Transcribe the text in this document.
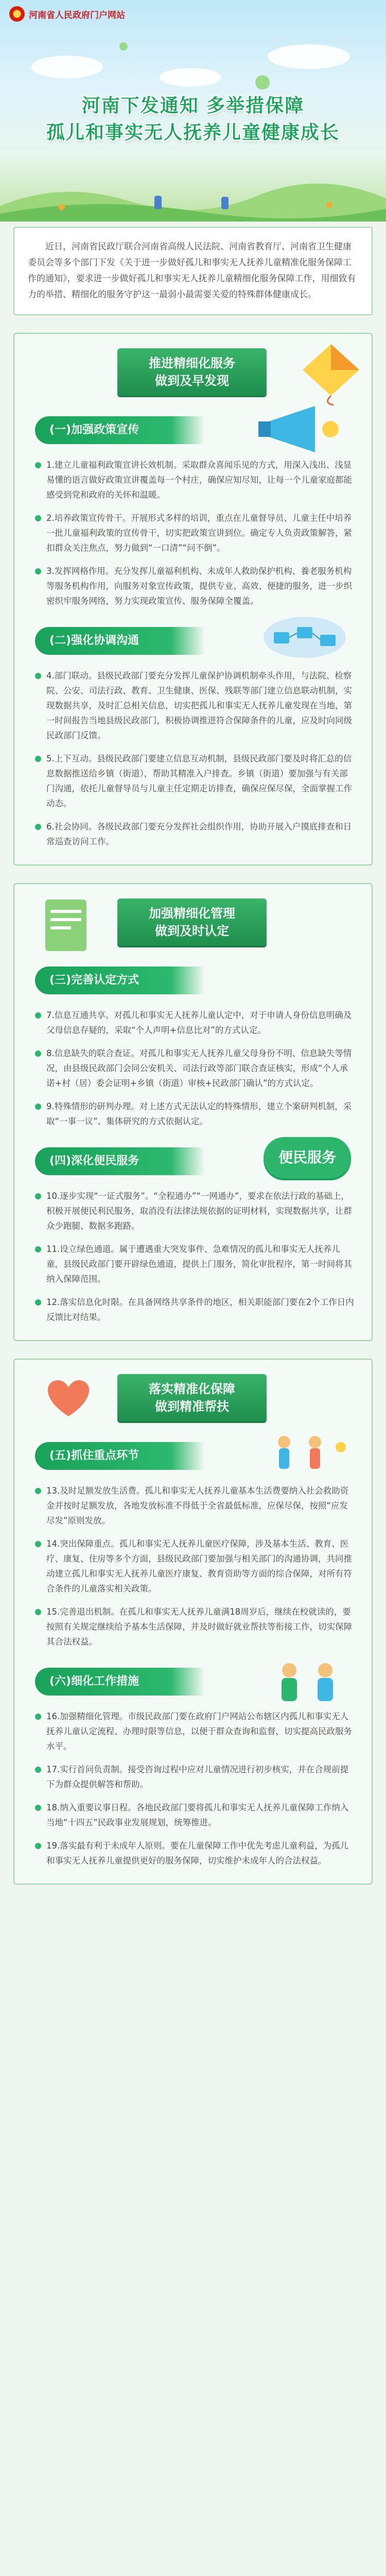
河南省人民政府门户网站
河南下发通知 多举措保障
孤儿和事实无人抚养儿童健康成长
近日，河南省民政厅联合河南省高级人民法院、河南省教育厅、河南省卫生健康委员会等多个部门下发《关于进一步做好孤儿和事实无人抚养儿童精准化服务保障工作的通知》，要求进一步做好孤儿和事实无人抚养儿童精细化服务保障工作，用细致有力的举措、精细化的服务守护这一最弱小最需要关爱的特殊群体健康成长。
推进精细化服务
做到及早发现
(一)加强政策宣传
1.建立儿童福利政策宣讲长效机制。采取群众喜闻乐见的方式，用深入浅出、浅显易懂的语言做好政策宣讲覆盖每一个村庄，确保应知尽知，让每一个儿童家庭都能感受到党和政府的关怀和温暖。
2.培养政策宣传骨干。开展形式多样的培训，重点在儿童督导员、儿童主任中培养一批儿童福利政策的宣传骨干，切实把政策宣讲到位。确定专人负责政策解答，紧扣群众关注焦点，努力做到“一口清”“问不倒”。
3.发挥网格作用。充分发挥儿童福利机构、未成年人救助保护机构、養老服务机构等服务机构作用，向服务对象宣传政策，提供专业、高效、便捷的服务，进一步织密织牢服务网络，努力实现政策宣传、服务保障全覆盖。
(二)强化协调沟通
4.部门联动。县级民政部门要充分发挥儿童保护协调机制牵头作用，与法院、检察院、公安、司法行政、教育、卫生健康、医保、残联等部门建立信息联动机制，实现数据共享，及时汇总相关信息，切实把孤儿和事实无人抚养儿童发现在当地，第一时间报告当地县级民政部门，积极协调推进符合保障条件的儿童，应及时向同级民政部门反馈。
5.上下互动。县级民政部门要建立信息互动机制，县级民政部门要及时将汇总的信息数据推送给乡镇（街道），帮助其精准入户排查。乡镇（街道）要加强与有关部门沟通，依托儿童督导员与儿童主任定期走访排查，确保应保尽保，全面掌握工作动态。
6.社会协同。各级民政部门要充分发挥社会组织作用，协助开展入户摸底排查和日常巡查访问工作。
加强精细化管理
做到及时认定
(三)完善认定方式
7.信息互通共享。对孤儿和事实无人抚养儿童认定中，对于申请人身份信息明确及父母信息存疑的，采取“个人声明+信息比对”的方式认定。
8.信息缺失的联合查证。对孤儿和事实无人抚养儿童父母身份不明、信息缺失等情况，由县级民政部门会同公安机关、司法行政等部门联合查证核实，形成“个人承诺+村（居）委会证明+乡镇（街道）审核+民政部门确认”的方式认定。
9.特殊情形的研判办理。对上述方式无法认定的特殊情形，建立个案研判机制，采取“一事一议”、集体研究的方式依据认定。
(四)深化便民服务	便民服务
10.逐步实现“一证式服务”。“全程通办”“一网通办”，要求在依法行政的基础上，积极开展便民利民服务，取消没有法律法规依据的证明材料，实现数据共享，让群众少跑腿、数据多跑路。
11.设立绿色通道。属于遭遇重大突发事件、急难情况的孤儿和事实无人抚养儿童，县级民政部门要开辟绿色通道，提供上门服务，简化审批程序，第一时间将其纳入保障范围。
12.落实信息化时限。在具备网络共享条件的地区，相关职能部门要在2个工作日内反馈比对结果。
落实精准化保障
做到精准帮扶
(五)抓住重点环节
13.及时足额发放生活费。孤儿和事实无人抚养儿童基本生活费要纳入社会救助资金并按时足额发放，各地发放标准不得低于全省最低标准，应保尽保，按照“应发尽发”原则发放。
14.突出保障重点。孤儿和事实无人抚养儿童医疗保障，涉及基本生活、教育、医疗、康复、住房等多个方面，县级民政部门要加强与相关部门的沟通协调，共同推动建立孤儿和事实无人抚养儿童医疗康复、教育资助等方面的综合保障，对所有符合条件的儿童落实相关政策。
15.完善退出机制。在孤儿和事实无人抚养儿童满18周岁后，继续在校就读的，要按照有关规定继续给予基本生活保障，并及时做好就业帮扶等衔接工作，切实保障其合法权益。
(六)细化工作措施
16.加强精细化管理。市级民政部门要在政府门户网站公布辖区内孤儿和事实无人抚养儿童认定流程、办理时限等信息，以便于群众查询和监督，切实提高民政服务水平。
17.实行首问负责制。接受咨询过程中应对儿童情况进行初步核实，并在合规前提下为群众提供解答和帮助。
18.纳入重要议事日程。各地民政部门要将孤儿和事实无人抚养儿童保障工作纳入当地“十四五”民政事业发展规划，统筹推进。
19.落实最有利于未成年人原则。要在儿童保障工作中优先考虑儿童利益，为孤儿和事实无人抚养儿童提供更好的服务保障，切实维护未成年人的合法权益。
